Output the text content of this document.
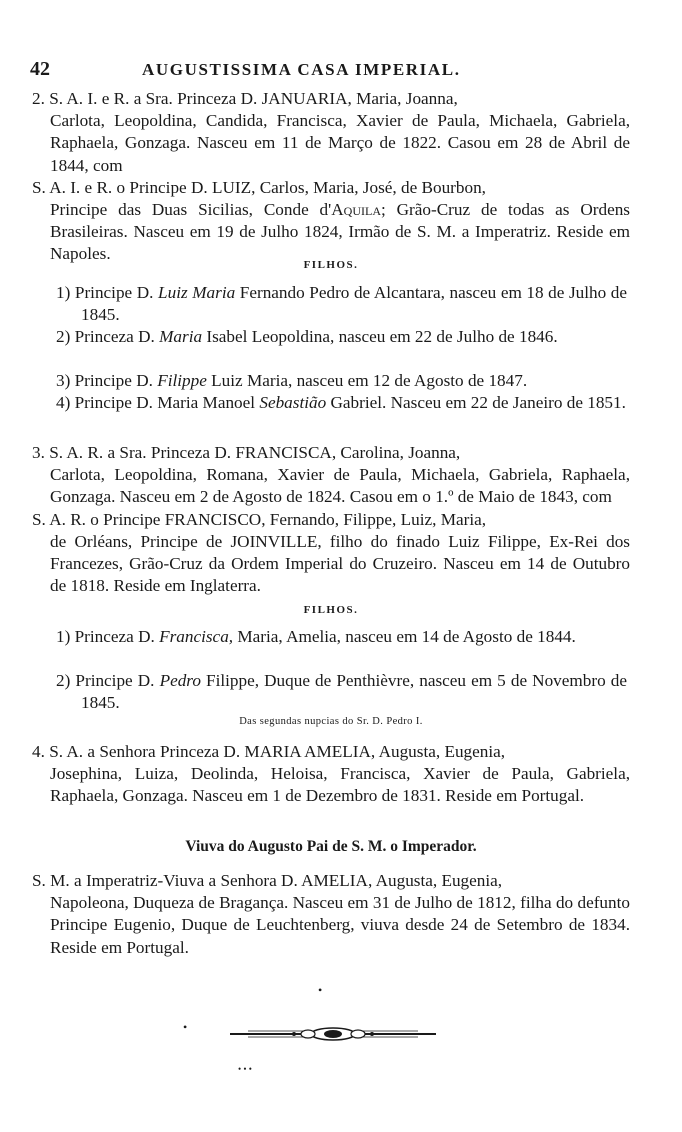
42	AUGUSTISSIMA CASA IMPERIAL.
2. S. A. I. e R. a Sra. Princeza D. JANUARIA, Maria, Joanna,
Carlota, Leopoldina, Candida, Francisca, Xavier de Paula, Michaela, Gabriela, Raphaela, Gonzaga. Nasceu em 11 de Março de 1822. Casou em 28 de Abril de 1844, com
S. A. I. e R. o Principe D. LUIZ, Carlos, Maria, José, de Bourbon,
Principe das Duas Sicilias, Conde d'Aquila; Grão-Cruz de todas as Ordens Brasileiras. Nasceu em 19 de Julho 1824, Irmão de S. M. a Imperatriz. Reside em Napoles.
FILHOS.
1) Principe D. Luiz Maria Fernando Pedro de Alcantara, nasceu em 18 de Julho de 1845.
2) Princeza D. Maria Isabel Leopoldina, nasceu em 22 de Julho de 1846.
3) Principe D. Filippe Luiz Maria, nasceu em 12 de Agosto de 1847.
4) Principe D. Maria Manoel Sebastião Gabriel. Nasceu em 22 de Janeiro de 1851.
3. S. A. R. a Sra. Princeza D. FRANCISCA, Carolina, Joanna,
Carlota, Leopoldina, Romana, Xavier de Paula, Michaela, Gabriela, Raphaela, Gonzaga. Nasceu em 2 de Agosto de 1824. Casou em o 1.º de Maio de 1843, com
S. A. R. o Principe FRANCISCO, Fernando, Filippe, Luiz, Maria,
de Orléans, Principe de JOINVILLE, filho do finado Luiz Filippe, Ex-Rei dos Francezes, Grão-Cruz da Ordem Imperial do Cruzeiro. Nasceu em 14 de Outubro de 1818. Reside em Inglaterra.
FILHOS.
1) Princeza D. Francisca, Maria, Amelia, nasceu em 14 de Agosto de 1844.
2) Principe D. Pedro Filippe, Duque de Penthièvre, nasceu em 5 de Novembro de 1845.
Das segundas nupcias do Sr. D. Pedro I.
4. S. A. a Senhora Princeza D. MARIA AMELIA, Augusta, Eugenia,
Josephina, Luiza, Deolinda, Heloisa, Francisca, Xavier de Paula, Gabriela, Raphaela, Gonzaga. Nasceu em 1 de Dezembro de 1831. Reside em Portugal.
Viuva do Augusto Pai de S. M. o Imperador.
S. M. a Imperatriz-Viuva a Senhora D. AMELIA, Augusta, Eugenia,
Napoleona, Duqueza de Bragança. Nasceu em 31 de Julho de 1812, filha do defunto Principe Eugenio, Duque de Leuchtenberg, viuva desde 24 de Setembro de 1834. Reside em Portugal.
•
•
• • •
